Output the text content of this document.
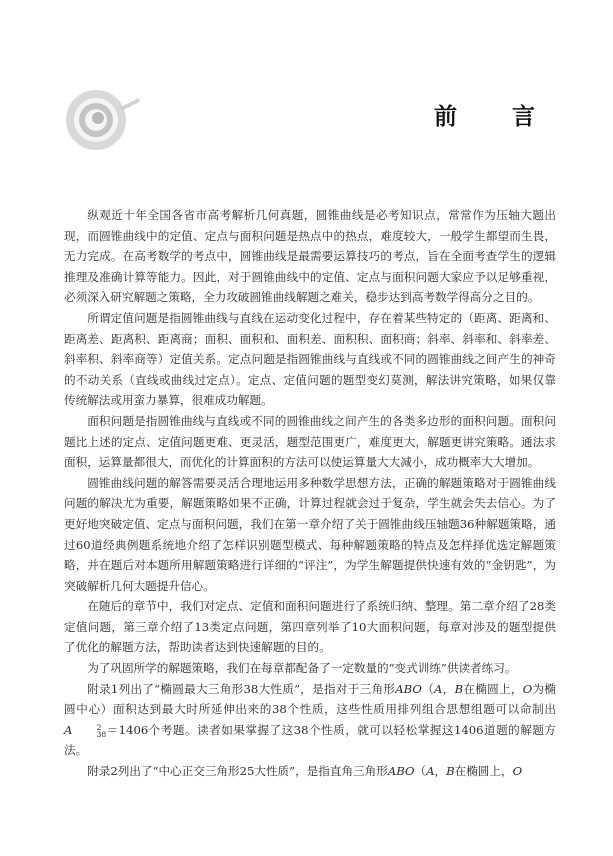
前　言

纵观近十年全国各省市高考解析几何真题，圆锥曲线是必考知识点，常常作为压轴大题出现，而圆锥曲线中的定值、定点与面积问题是热点中的热点，难度较大，一般学生都望而生畏，无力完成。在高考数学的考点中，圆锥曲线是最需要运算技巧的考点，旨在全面考查学生的逻辑推理及准确计算等能力。因此，对于圆锥曲线中的定值、定点与面积问题大家应予以足够重视，必须深入研究解题之策略，全力攻破圆锥曲线解题之难关，稳步达到高考数学得高分之目的。

所谓定值问题是指圆锥曲线与直线在运动变化过程中，存在着某些特定的（距离、距离和、距离差、距离积、距离商；面积、面积和、面积差、面积积、面积商；斜率、斜率和、斜率差、斜率积、斜率商等）定值关系。定点问题是指圆锥曲线与直线或不同的圆锥曲线之间产生的神奇的不动关系（直线或曲线过定点）。定点、定值问题的题型变幻莫测，解法讲究策略，如果仅靠传统解法或用蛮力暴算，很难成功解题。

面积问题是指圆锥曲线与直线或不同的圆锥曲线之间产生的各类多边形的面积问题。面积问题比上述的定点、定值问题更难、更灵活，题型范围更广，难度更大，解题更讲究策略。通法求面积，运算量都很大，而优化的计算面积的方法可以使运算量大大减小，成功概率大大增加。

圆锥曲线问题的解答需要灵活合理地运用多种数学思想方法，正确的解题策略对于圆锥曲线问题的解决尤为重要，解题策略如果不正确，计算过程就会过于复杂，学生就会失去信心。为了更好地突破定值、定点与面积问题，我们在第一章介绍了关于圆锥曲线压轴题36种解题策略，通过60道经典例题系统地介绍了怎样识别题型模式、每种解题策略的特点及怎样择优选定解题策略，并在题后对本题所用解题策略进行详细的“评注”，为学生解题提供快速有效的“金钥匙”，为突破解析几何大题提升信心。

在随后的章节中，我们对定点、定值和面积问题进行了系统归纳、整理。第二章介绍了28类定值问题，第三章介绍了13类定点问题，第四章列举了10大面积问题，每章对涉及的题型提供了优化的解题方法，帮助读者达到快速解题的目的。

为了巩固所学的解题策略，我们在每章都配备了一定数量的“变式训练”供读者练习。

附录1列出了“椭圆最大三角形38大性质”，是指对于三角形ABO（A，B在椭圆上，O为椭圆中心）面积达到最大时所延伸出来的38个性质，这些性质用排列组合思想组题可以命制出A	2
38 ＝1406个考题。读者如果掌握了这38个性质，就可以轻松掌握这1406道题的解题方法。

附录2列出了“中心正交三角形25大性质”，是指直角三角形ABO（A，B在椭圆上，O
